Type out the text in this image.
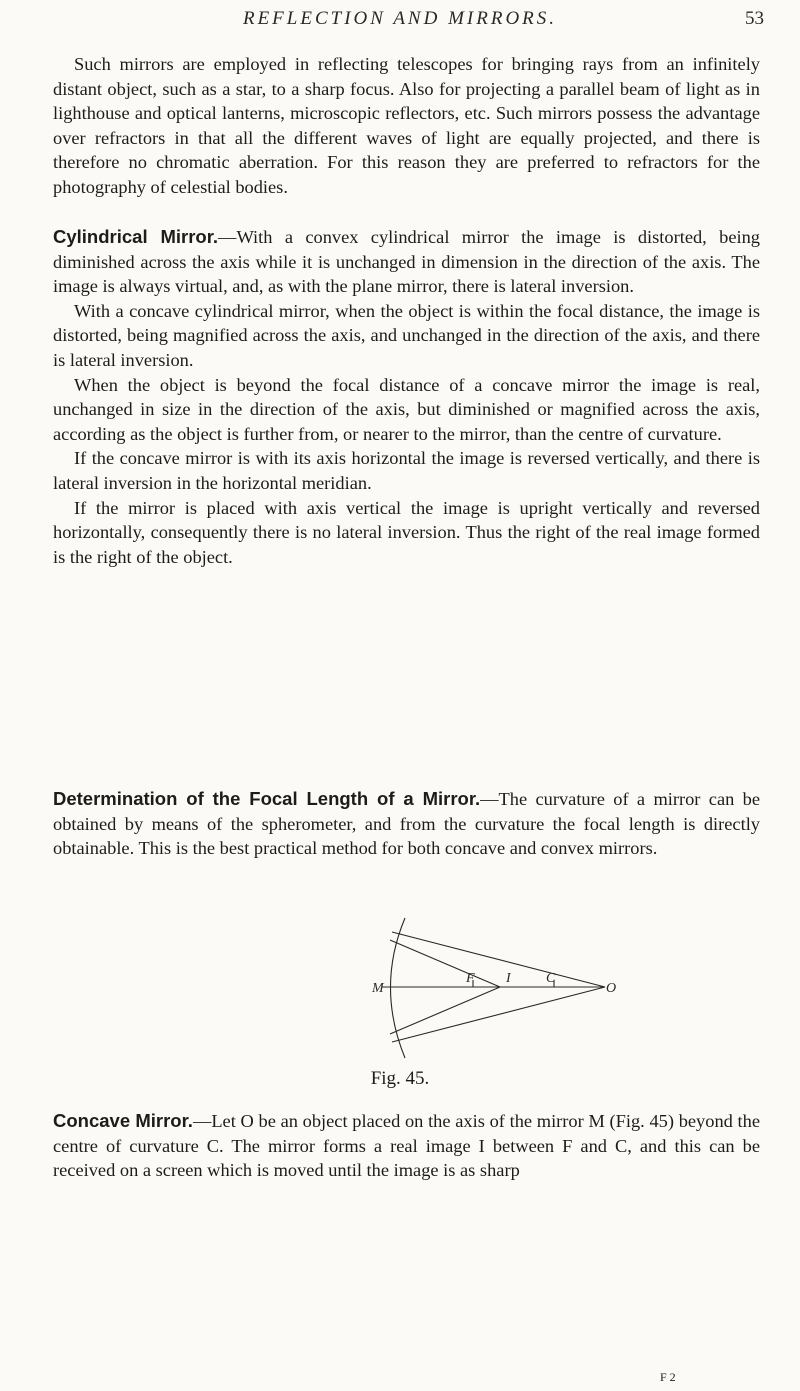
REFLECTION AND MIRRORS.	53

Such mirrors are employed in reflecting telescopes for bringing rays from an infinitely distant object, such as a star, to a sharp focus. Also for projecting a parallel beam of light as in lighthouse and optical lanterns, microscopic reflectors, etc. Such mirrors possess the advantage over refractors in that all the different waves of light are equally projected, and there is therefore no chromatic aberration. For this reason they are preferred to refractors for the photography of celestial bodies.

Cylindrical Mirror.—With a convex cylindrical mirror the image is distorted, being diminished across the axis while it is unchanged in dimension in the direction of the axis. The image is always virtual, and, as with the plane mirror, there is lateral inversion.

With a concave cylindrical mirror, when the object is within the focal distance, the image is distorted, being magnified across the axis, and unchanged in the direction of the axis, and there is lateral inversion.

When the object is beyond the focal distance of a concave mirror the image is real, unchanged in size in the direction of the axis, but diminished or magnified across the axis, according as the object is further from, or nearer to the mirror, than the centre of curvature.

If the concave mirror is with its axis horizontal the image is reversed vertically, and there is lateral inversion in the horizontal meridian.

If the mirror is placed with axis vertical the image is upright vertically and reversed horizontally, consequently there is no lateral inversion. Thus the right of the real image formed is the right of the object.

Determination of the Focal Length of a Mirror.—The curvature of a mirror can be obtained by means of the spherometer, and from the curvature the focal length is directly obtainable. This is the best practical method for both concave and convex mirrors.

M
F I	C
O
Fig. 45.

Concave Mirror.—Let O be an object placed on the axis of the mirror M (Fig. 45) beyond the centre of curvature C. The mirror forms a real image I between F and C, and this can be received on a screen which is moved until the image is as sharp

F 2
